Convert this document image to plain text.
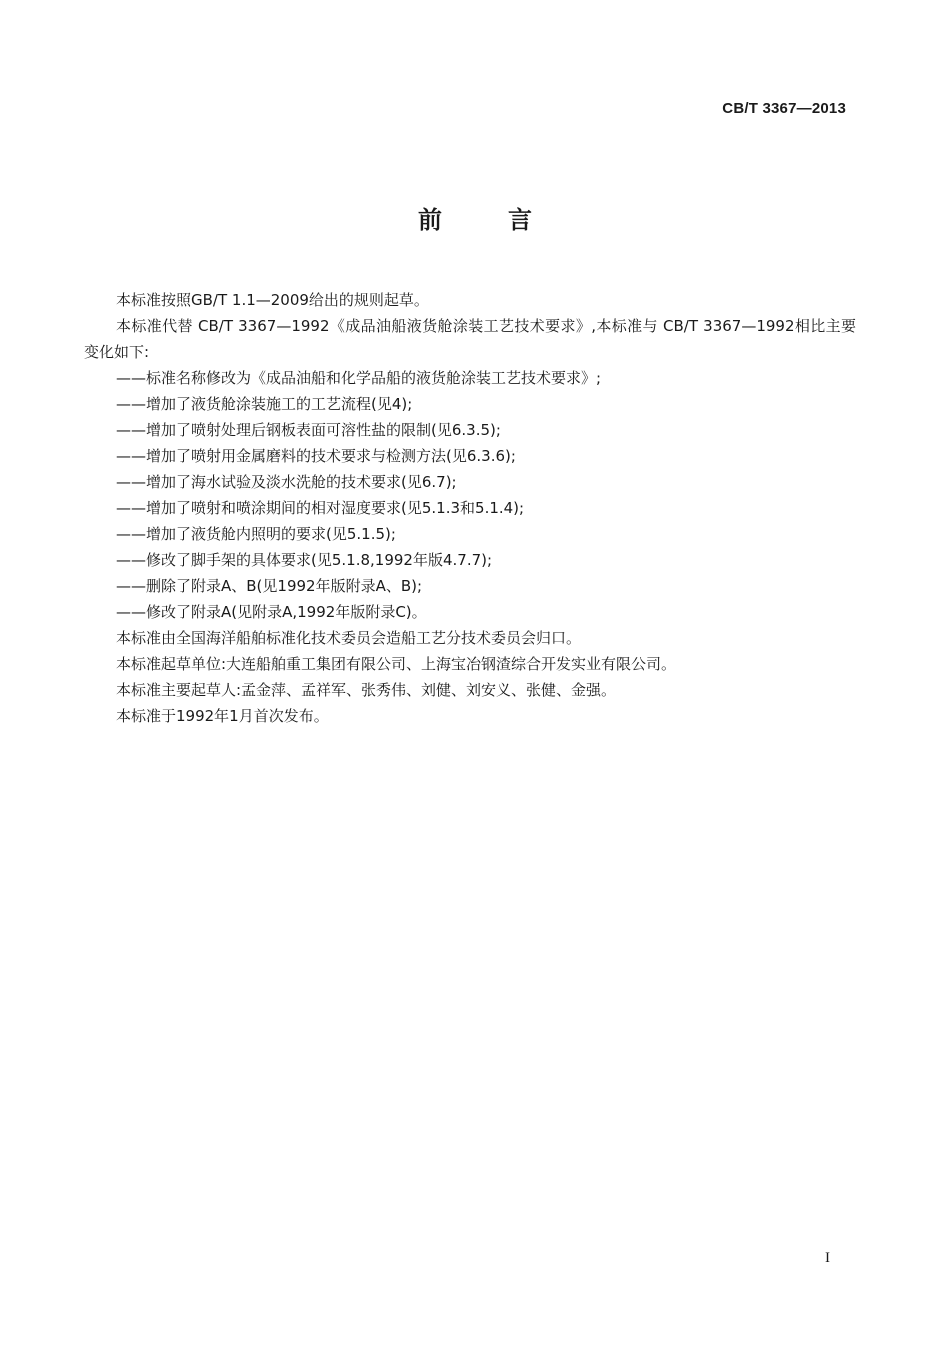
CB/T 3367—2013
前	言

本标准按照GB/T 1.1—2009给出的规则起草。

本标准代替 CB/T 3367—1992《成品油船液货舱涂装工艺技术要求》,本标准与 CB/T 3367—1992相比主要变化如下:

——标准名称修改为《成品油船和化学品船的液货舱涂装工艺技术要求》;

——增加了液货舱涂装施工的工艺流程(见4);

——增加了喷射处理后钢板表面可溶性盐的限制(见6.3.5);

——增加了喷射用金属磨料的技术要求与检测方法(见6.3.6);

——增加了海水试验及淡水洗舱的技术要求(见6.7);

——增加了喷射和喷涂期间的相对湿度要求(见5.1.3和5.1.4);

——增加了液货舱内照明的要求(见5.1.5);

——修改了脚手架的具体要求(见5.1.8,1992年版4.7.7);

——删除了附录A、B(见1992年版附录A、B);

——修改了附录A(见附录A,1992年版附录C)。

本标准由全国海洋船舶标准化技术委员会造船工艺分技术委员会归口。

本标准起草单位:大连船舶重工集团有限公司、上海宝冶钢渣综合开发实业有限公司。

本标准主要起草人:孟金萍、孟祥军、张秀伟、刘健、刘安义、张健、金强。

本标准于1992年1月首次发布。

I
